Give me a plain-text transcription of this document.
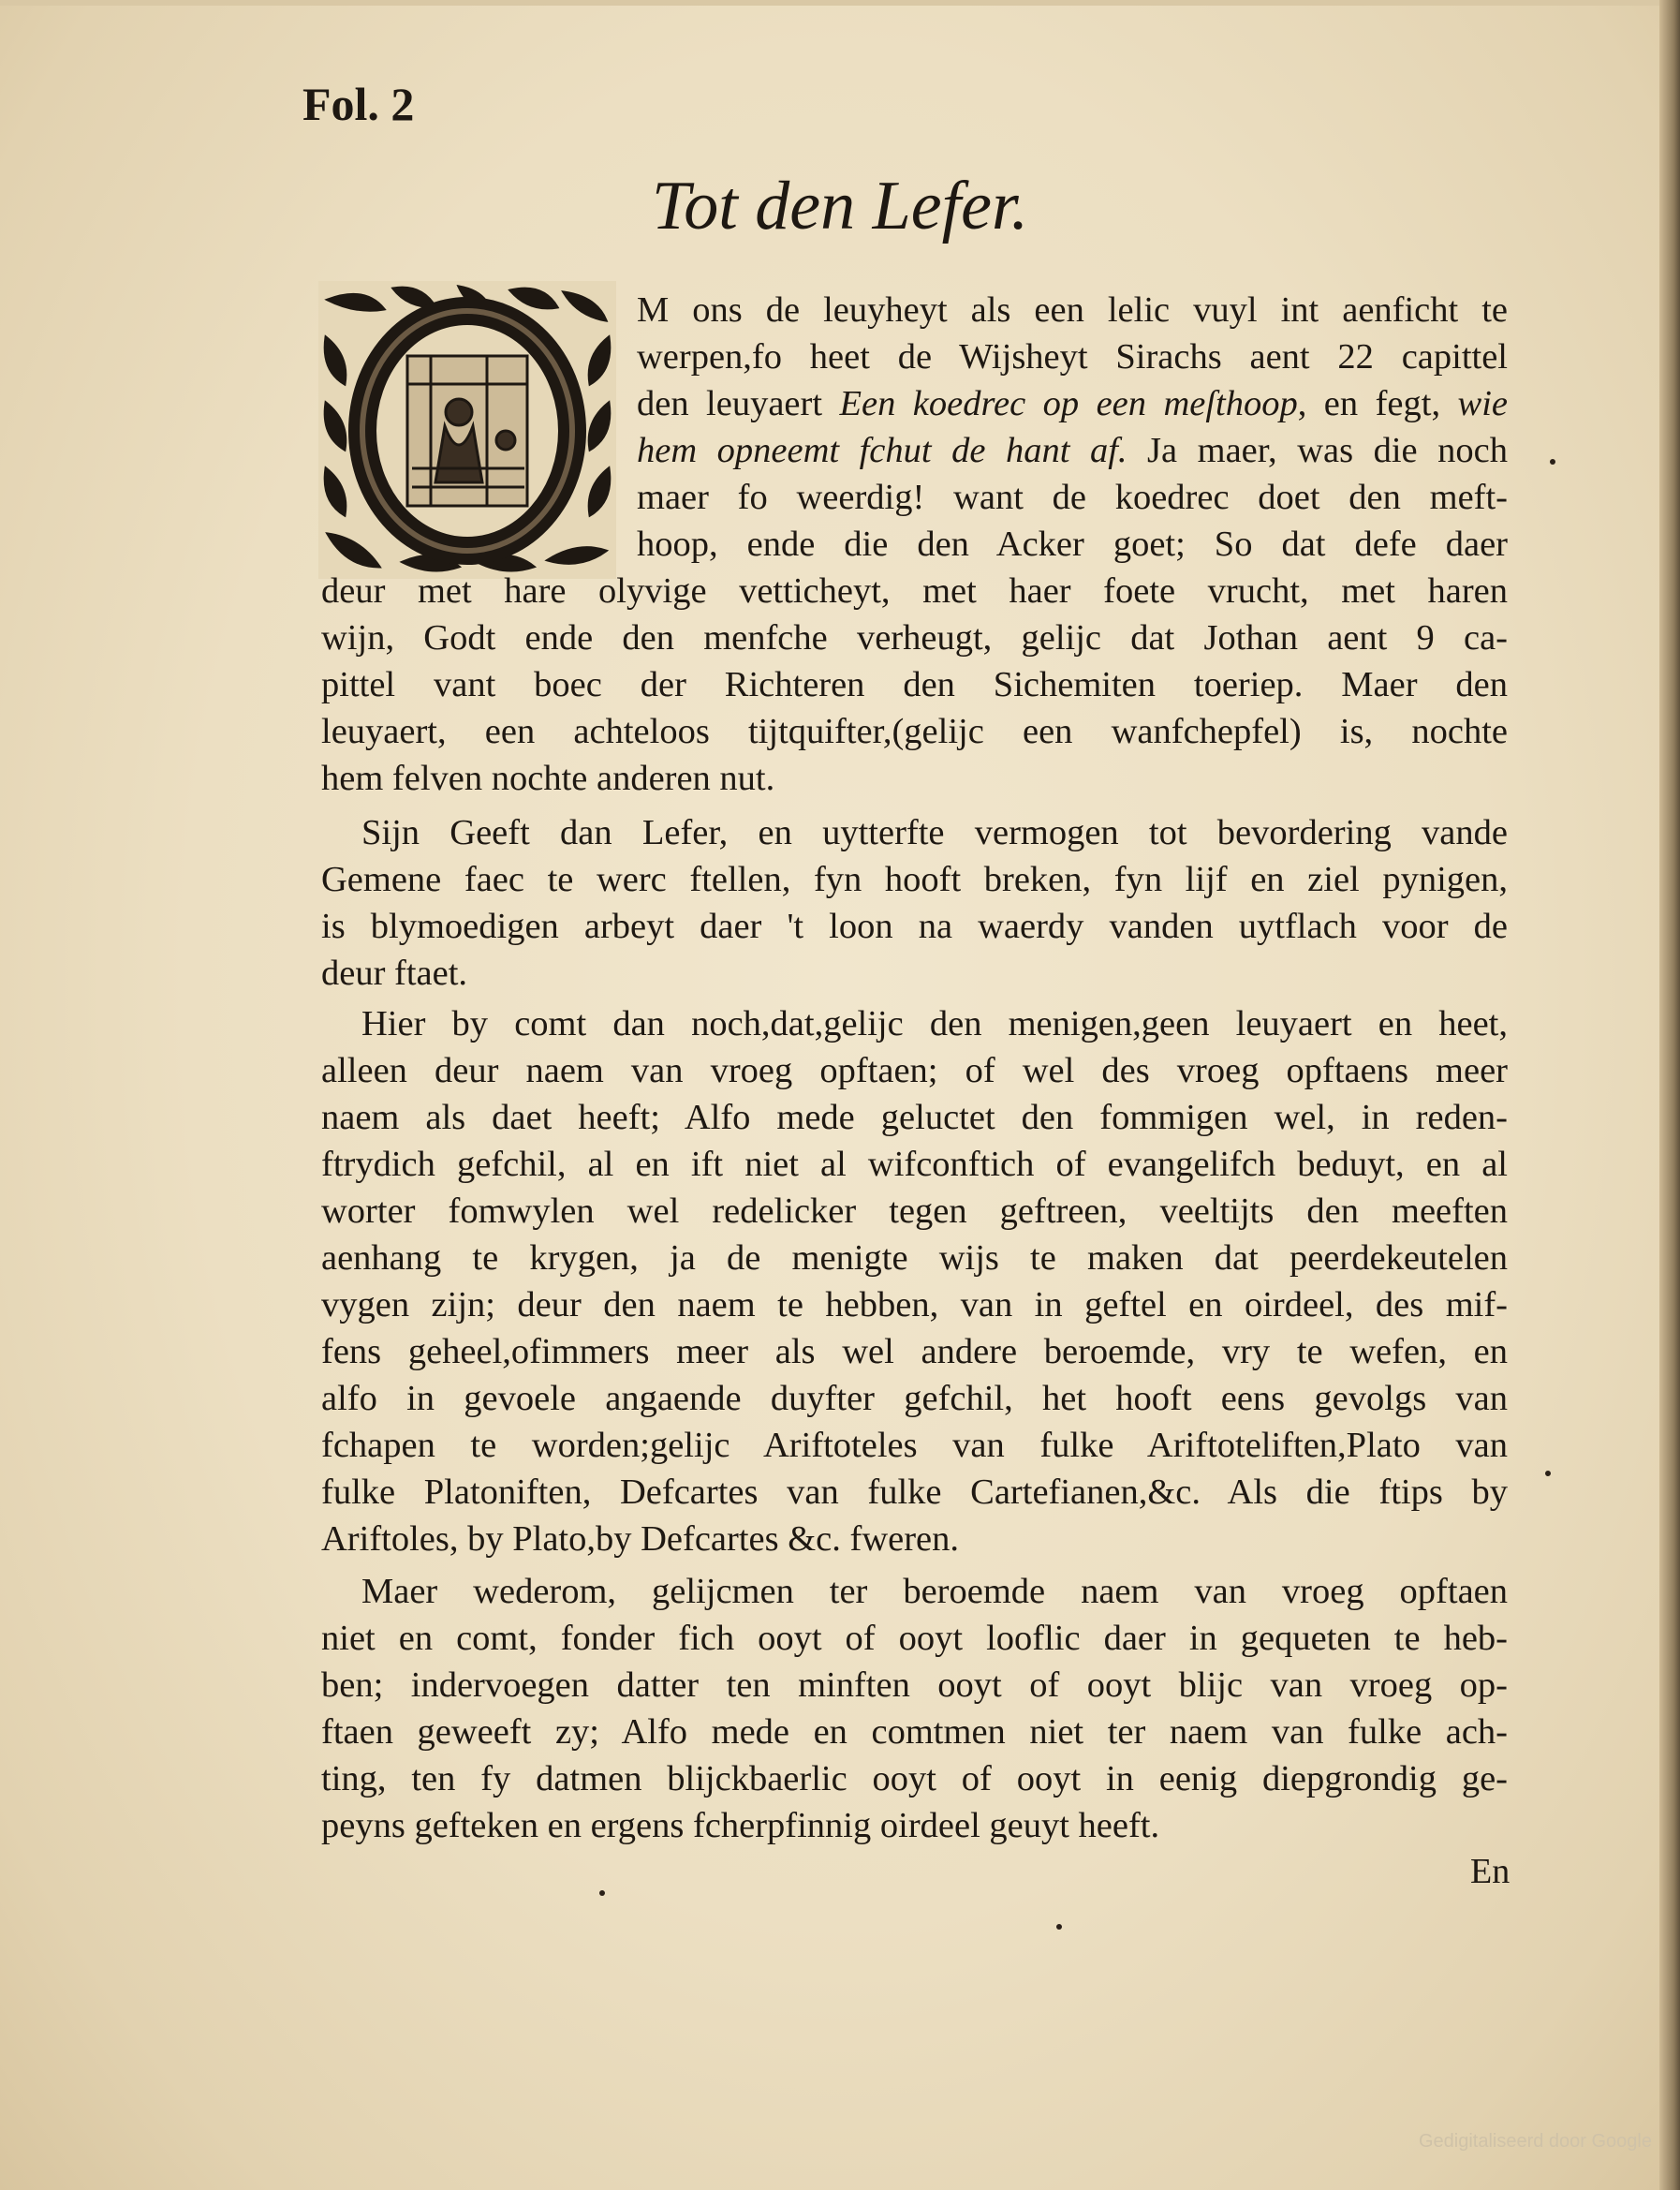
Fol. 2
Tot den Lefer.
M ons de leuyheyt als een lelic vuyl int aenficht te
werpen,fo heet de Wijsheyt Sirachs aent 22 capittel
den leuyaert Een koedrec op een meſthoop, en fegt, wie
hem opneemt fchut de hant af. Ja maer, was die noch
maer fo weerdig! want de koedrec doet den meft-
hoop, ende die den Acker goet; So dat defe daer
deur met hare olyvige vetticheyt, met haer foete vrucht, met haren
wijn, Godt ende den menfche verheugt, gelijc dat Jothan aent 9 ca-
pittel vant boec der Richteren den Sichemiten toeriep. Maer den
leuyaert, een achteloos tijtquifter,(gelijc een wanfchepfel) is, nochte
hem felven nochte anderen nut.
Sijn Geeft dan Lefer, en uytterfte vermogen tot bevordering vande
Gemene faec te werc ftellen, fyn hooft breken, fyn lijf en ziel pynigen,
is blymoedigen arbeyt daer 't loon na waerdy vanden uytflach voor de
deur ftaet.
Hier by comt dan noch,dat,gelijc den menigen,geen leuyaert en heet,
alleen deur naem van vroeg opftaen; of wel des vroeg opftaens meer
naem als daet heeft; Alfo mede geluctet den fommigen wel, in reden-
ftrydich gefchil, al en ift niet al wifconftich of evangelifch beduyt, en al
worter fomwylen wel redelicker tegen geftreen, veeltijts den meeften
aenhang te krygen, ja de menigte wijs te maken dat peerdekeutelen
vygen zijn; deur den naem te hebben, van in geftel en oirdeel, des mif-
fens geheel,ofimmers meer als wel andere beroemde, vry te wefen, en
alfo in gevoele angaende duyfter gefchil, het hooft eens gevolgs van
fchapen te worden;gelijc Ariftoteles van fulke Ariftoteliften,Plato van
fulke Platoniften, Defcartes van fulke Cartefianen,&c. Als die ftips by
Ariftoles, by Plato,by Defcartes &c. fweren.
Maer wederom, gelijcmen ter beroemde naem van vroeg opftaen
niet en comt, fonder fich ooyt of ooyt looflic daer in gequeten te heb-
ben; indervoegen datter ten minften ooyt of ooyt blijc van vroeg op-
ftaen geweeft zy; Alfo mede en comtmen niet ter naem van fulke ach-
ting, ten fy datmen blijckbaerlic ooyt of ooyt in eenig diepgrondig ge-
peyns gefteken en ergens fcherpfinnig oirdeel geuyt heeft.
En
Gedigitaliseerd door Google
